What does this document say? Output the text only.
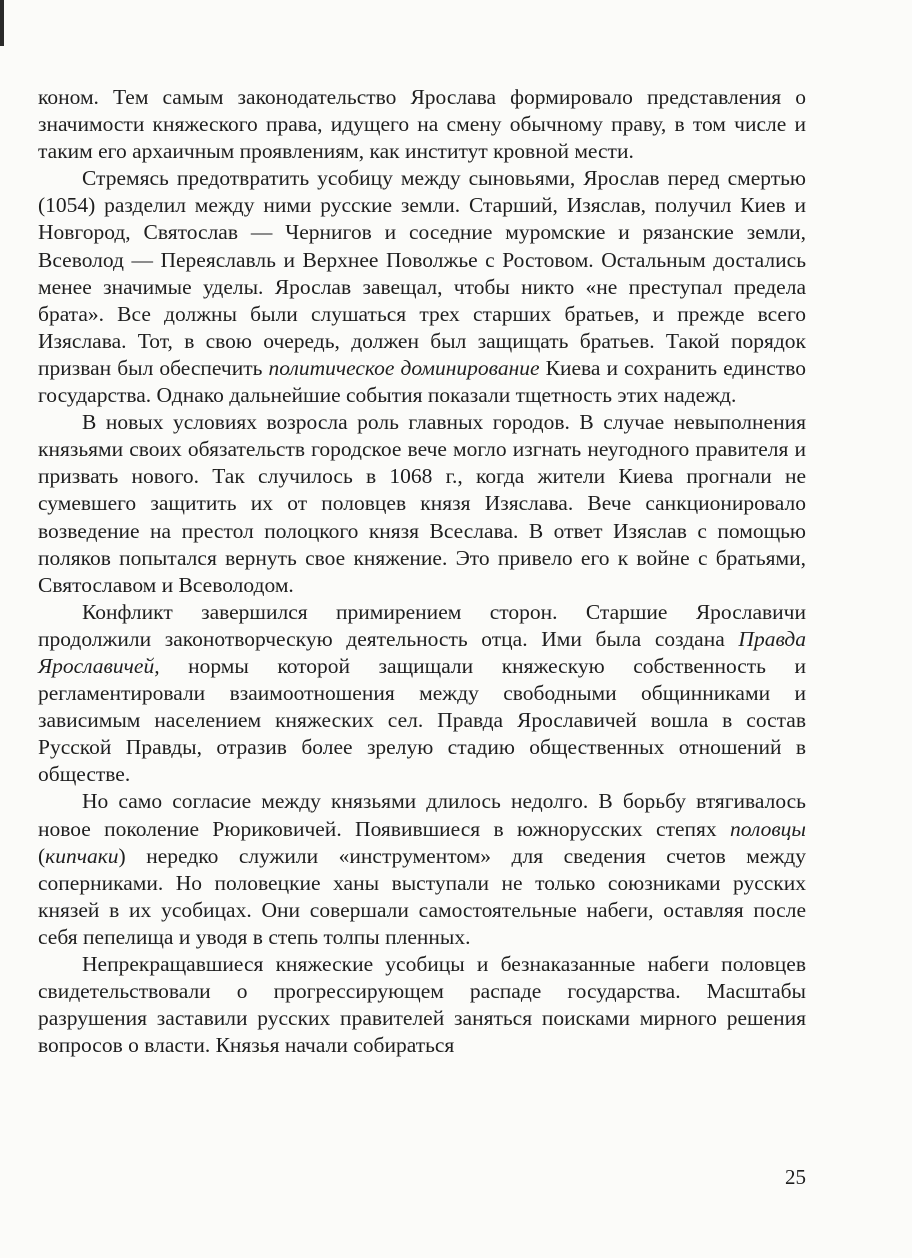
коном. Тем самым законодательство Ярослава формировало представления о значимости княжеского права, идущего на смену обычному праву, в том числе и таким его архаичным проявлениям, как институт кровной мести.

Стремясь предотвратить усобицу между сыновьями, Ярослав перед смертью (1054) разделил между ними русские земли. Старший, Изяслав, получил Киев и Новгород, Святослав — Чернигов и соседние муромские и рязанские земли, Всеволод — Переяславль и Верхнее Поволжье с Ростовом. Остальным достались менее значимые уделы. Ярослав завещал, чтобы никто «не преступал предела брата». Все должны были слушаться трех старших братьев, и прежде всего Изяслава. Тот, в свою очередь, должен был защищать братьев. Такой порядок призван был обеспечить политическое доминирование Киева и сохранить единство государства. Однако дальнейшие события показали тщетность этих надежд.

В новых условиях возросла роль главных городов. В случае невыполнения князьями своих обязательств городское вече могло изгнать неугодного правителя и призвать нового. Так случилось в 1068 г., когда жители Киева прогнали не сумевшего защитить их от половцев князя Изяслава. Вече санкционировало возведение на престол полоцкого князя Всеслава. В ответ Изяслав с помощью поляков попытался вернуть свое княжение. Это привело его к войне с братьями, Святославом и Всеволодом.

Конфликт завершился примирением сторон. Старшие Ярославичи продолжили законотворческую деятельность отца. Ими была создана Правда Ярославичей, нормы которой защищали княжескую собственность и регламентировали взаимоотношения между свободными общинниками и зависимым населением княжеских сел. Правда Ярославичей вошла в состав Русской Правды, отразив более зрелую стадию общественных отношений в обществе.

Но само согласие между князьями длилось недолго. В борьбу втягивалось новое поколение Рюриковичей. Появившиеся в южнорусских степях половцы (кипчаки) нередко служили «инструментом» для сведения счетов между соперниками. Но половецкие ханы выступали не только союзниками русских князей в их усобицах. Они совершали самостоятельные набеги, оставляя после себя пепелища и уводя в степь толпы пленных.

Непрекращавшиеся княжеские усобицы и безнаказанные набеги половцев свидетельствовали о прогрессирующем распаде государства. Масштабы разрушения заставили русских правителей заняться поисками мирного решения вопросов о власти. Князья начали собираться

25
